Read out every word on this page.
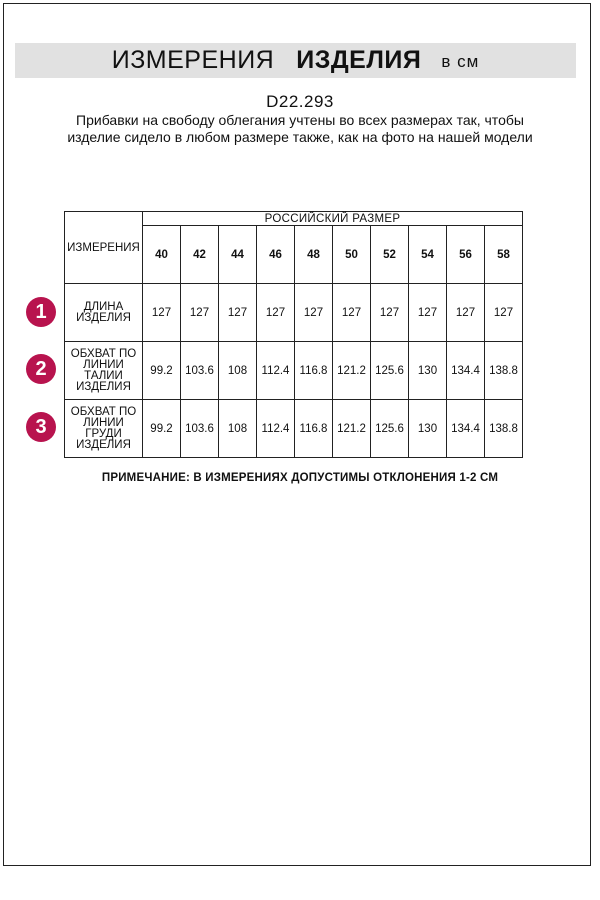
ИЗМЕРЕНИЯ ИЗДЕЛИЯ в см
D22.293
Прибавки на свободу облегания учтены во всех размерах так, чтобы изделие сидело в любом размере также, как на фото на нашей модели
ИЗМЕРЕНИЯ	РОССИЙСКИЙ РАЗМЕР									
	40	42	44	46	48	50	52	54	56	58
ДЛИНА ИЗДЕЛИЯ	127	127	127	127	127	127	127	127	127	127
ОБХВАТ ПО ЛИНИИ ТАЛИИ ИЗДЕЛИЯ	99.2	103.6	108	112.4	116.8	121.2	125.6	130	134.4	138.8
ОБХВАТ ПО ЛИНИИ ГРУДИ ИЗДЕЛИЯ	99.2	103.6	108	112.4	116.8	121.2	125.6	130	134.4	138.8
1
2
3
ПРИМЕЧАНИЕ: В ИЗМЕРЕНИЯХ ДОПУСТИМЫ ОТКЛОНЕНИЯ 1-2 СМ
